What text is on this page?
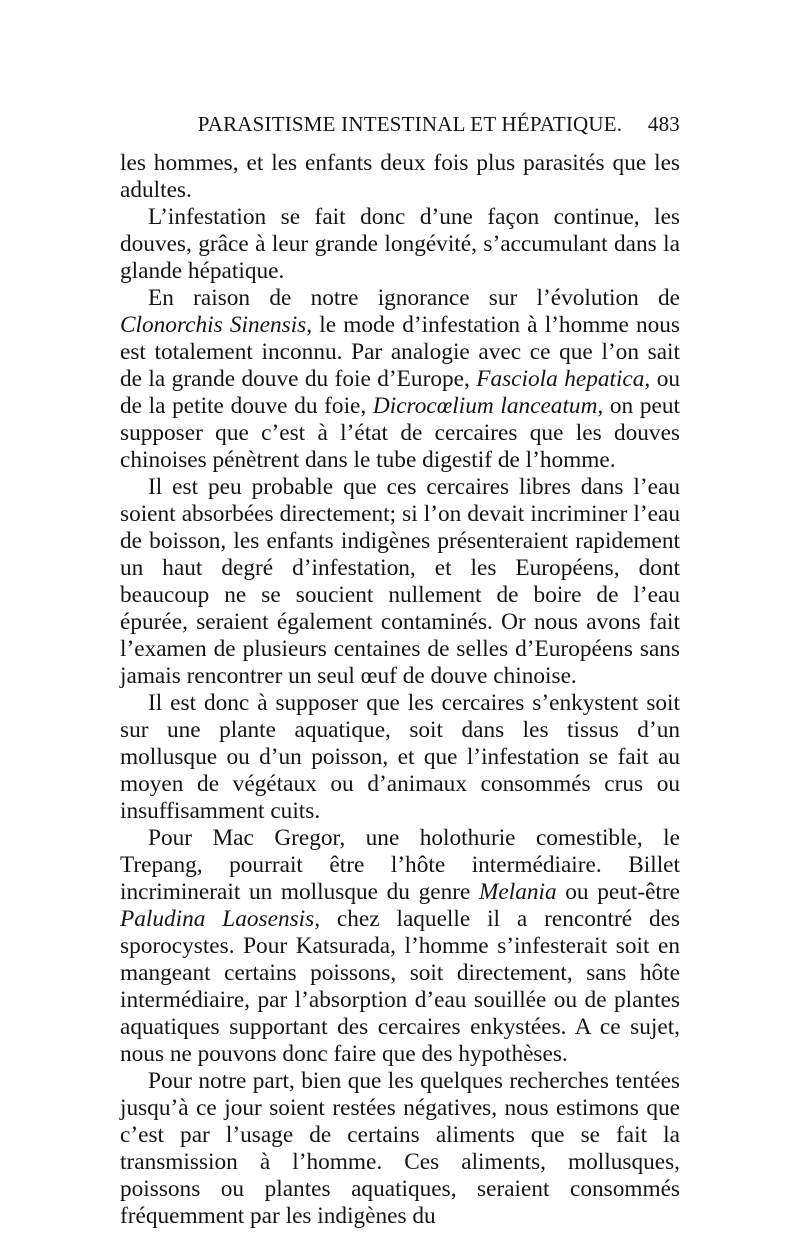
PARASITISME INTESTINAL ET HÉPATIQUE.	483

les hommes, et les enfants deux fois plus parasités que les adultes.

L’infestation se fait donc d’une façon continue, les douves, grâce à leur grande longévité, s’accumulant dans la glande hépatique.

En raison de notre ignorance sur l’évolution de Clonorchis Sinensis, le mode d’infestation à l’homme nous est totalement inconnu. Par analogie avec ce que l’on sait de la grande douve du foie d’Europe, Fasciola hepatica, ou de la petite douve du foie, Dicrocœlium lanceatum, on peut supposer que c’est à l’état de cercaires que les douves chinoises pénètrent dans le tube digestif de l’homme.

Il est peu probable que ces cercaires libres dans l’eau soient absorbées directement; si l’on devait incriminer l’eau de boisson, les enfants indigènes présenteraient rapidement un haut degré d’infestation, et les Européens, dont beaucoup ne se soucient nullement de boire de l’eau épurée, seraient également contaminés. Or nous avons fait l’examen de plusieurs centaines de selles d’Européens sans jamais rencontrer un seul œuf de douve chinoise.

Il est donc à supposer que les cercaires s’enkystent soit sur une plante aquatique, soit dans les tissus d’un mollusque ou d’un poisson, et que l’infestation se fait au moyen de végétaux ou d’animaux consommés crus ou insuffisamment cuits.

Pour Mac Gregor, une holothurie comestible, le Trepang, pourrait être l’hôte intermédiaire. Billet incriminerait un mollusque du genre Melania ou peut-être Paludina Laosensis, chez laquelle il a rencontré des sporocystes. Pour Katsurada, l’homme s’infesterait soit en mangeant certains poissons, soit directement, sans hôte intermédiaire, par l’absorption d’eau souillée ou de plantes aquatiques supportant des cercaires enkystées. A ce sujet, nous ne pouvons donc faire que des hypothèses.

Pour notre part, bien que les quelques recherches tentées jusqu’à ce jour soient restées négatives, nous estimons que c’est par l’usage de certains aliments que se fait la transmission à l’homme. Ces aliments, mollusques, poissons ou plantes aquatiques, seraient consommés fréquemment par les indigènes du
